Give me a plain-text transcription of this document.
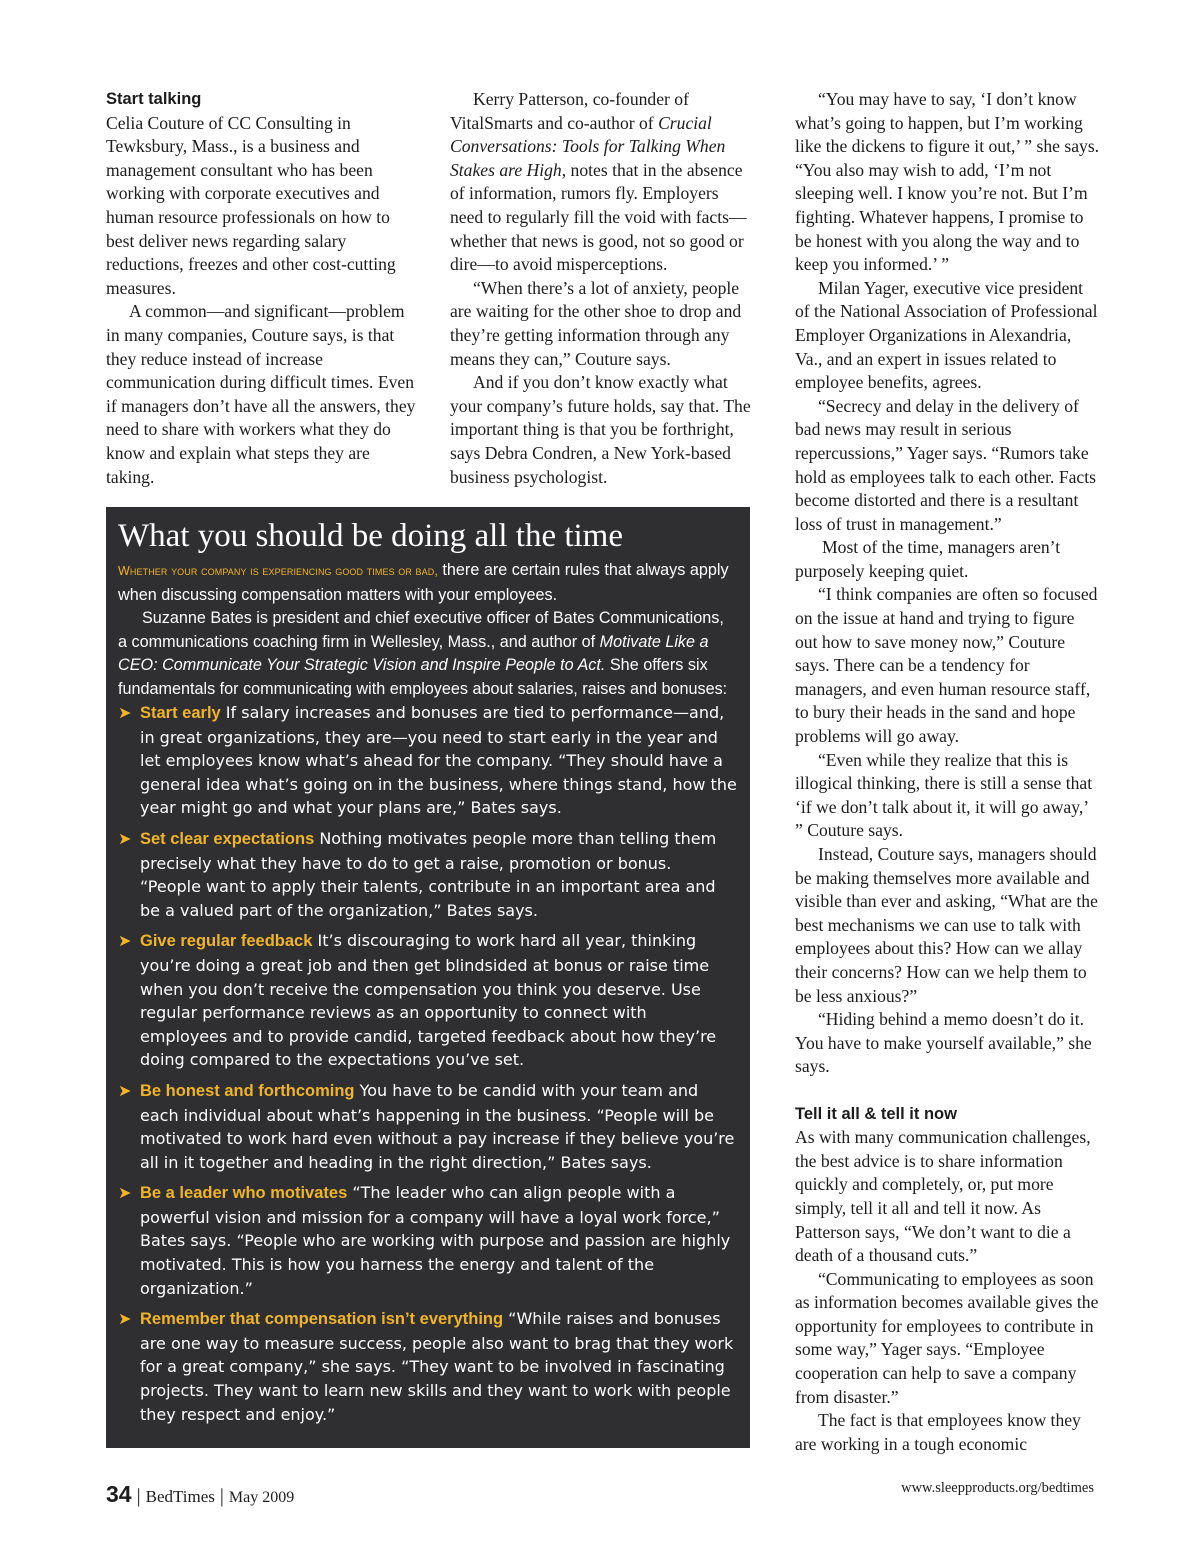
Start talking

Celia Couture of CC Consulting in Tewksbury, Mass., is a business and management consultant who has been working with corporate executives and human resource professionals on how to best deliver news regarding salary reductions, freezes and other cost-cutting measures.

A common—and significant—problem in many companies, Couture says, is that they reduce instead of increase communication during difficult times. Even if managers don’t have all the answers, they need to share with workers what they do know and explain what steps they are taking.

Kerry Patterson, co-founder of VitalSmarts and co-author of Crucial Conversations: Tools for Talking When Stakes are High, notes that in the absence of information, rumors fly. Employers need to regularly fill the void with facts—whether that news is good, not so good or dire—to avoid misperceptions.

“When there’s a lot of anxiety, people are waiting for the other shoe to drop and they’re getting information through any means they can,” Couture says.

And if you don’t know exactly what your company’s future holds, say that. The important thing is that you be forthright, says Debra Condren, a New York-based business psychologist.

“You may have to say, ‘I don’t know what’s going to happen, but I’m working like the dickens to figure it out,’ ” she says. “You also may wish to add, ‘I’m not sleeping well. I know you’re not. But I’m fighting. Whatever happens, I promise to be honest with you along the way and to keep you informed.’ ”

Milan Yager, executive vice president of the National Association of Professional Employer Organizations in Alexandria, Va., and an expert in issues related to employee benefits, agrees.

“Secrecy and delay in the delivery of bad news may result in serious repercussions,” Yager says. “Rumors take hold as employees talk to each other. Facts become distorted and there is a resultant loss of trust in management.”

Most of the time, managers aren’t purposely keeping quiet.

“I think companies are often so focused on the issue at hand and trying to figure out how to save money now,” Couture says. There can be a tendency for managers, and even human resource staff, to bury their heads in the sand and hope problems will go away.

“Even while they realize that this is illogical thinking, there is still a sense that ‘if we don’t talk about it, it will go away,’ ” Couture says.

Instead, Couture says, managers should be making themselves more available and visible than ever and asking, “What are the best mechanisms we can use to talk with employees about this? How can we allay their concerns? How can we help them to be less anxious?”

“Hiding behind a memo doesn’t do it. You have to make yourself available,” she says.

Tell it all & tell it now

As with many communication challenges, the best advice is to share information quickly and completely, or, put more simply, tell it all and tell it now. As Patterson says, “We don’t want to die a death of a thousand cuts.”

“Communicating to employees as soon as information becomes available gives the opportunity for employees to contribute in some way,” Yager says. “Employee cooperation can help to save a company from disaster.”

The fact is that employees know they are working in a tough economic

What you should be doing all the time

Whether your company is experiencing good times or bad, there are certain rules that always apply when discussing compensation matters with your employees.

Suzanne Bates is president and chief executive officer of Bates Communications, a communications coaching firm in Wellesley, Mass., and author of Motivate Like a CEO: Communicate Your Strategic Vision and Inspire People to Act. She offers six fundamentals for communicating with employees about salaries, raises and bonuses:

➤ Start early If salary increases and bonuses are tied to performance—and, in great organizations, they are—you need to start early in the year and let employees know what’s ahead for the company. “They should have a general idea what’s going on in the business, where things stand, how the year might go and what your plans are,” Bates says.
➤ Set clear expectations Nothing motivates people more than telling them precisely what they have to do to get a raise, promotion or bonus. “People want to apply their talents, contribute in an important area and be a valued part of the organization,” Bates says.
➤ Give regular feedback It’s discouraging to work hard all year, thinking you’re doing a great job and then get blindsided at bonus or raise time when you don’t receive the compensation you think you deserve. Use regular performance reviews as an opportunity to connect with employees and to provide candid, targeted feedback about how they’re doing compared to the expectations you’ve set.
➤ Be honest and forthcoming You have to be candid with your team and each individual about what’s happening in the business. “People will be motivated to work hard even without a pay increase if they believe you’re all in it together and heading in the right direction,” Bates says.
➤ Be a leader who motivates “The leader who can align people with a powerful vision and mission for a company will have a loyal work force,” Bates says. “People who are working with purpose and passion are highly motivated. This is how you harness the energy and talent of the organization.”
➤ Remember that compensation isn’t everything “While raises and bonuses are one way to measure success, people also want to brag that they work for a great company,” she says. “They want to be involved in fascinating projects. They want to learn new skills and they want to work with people they respect and enjoy.”
34 | BedTimes | May 2009
www.sleepproducts.org/bedtimes
